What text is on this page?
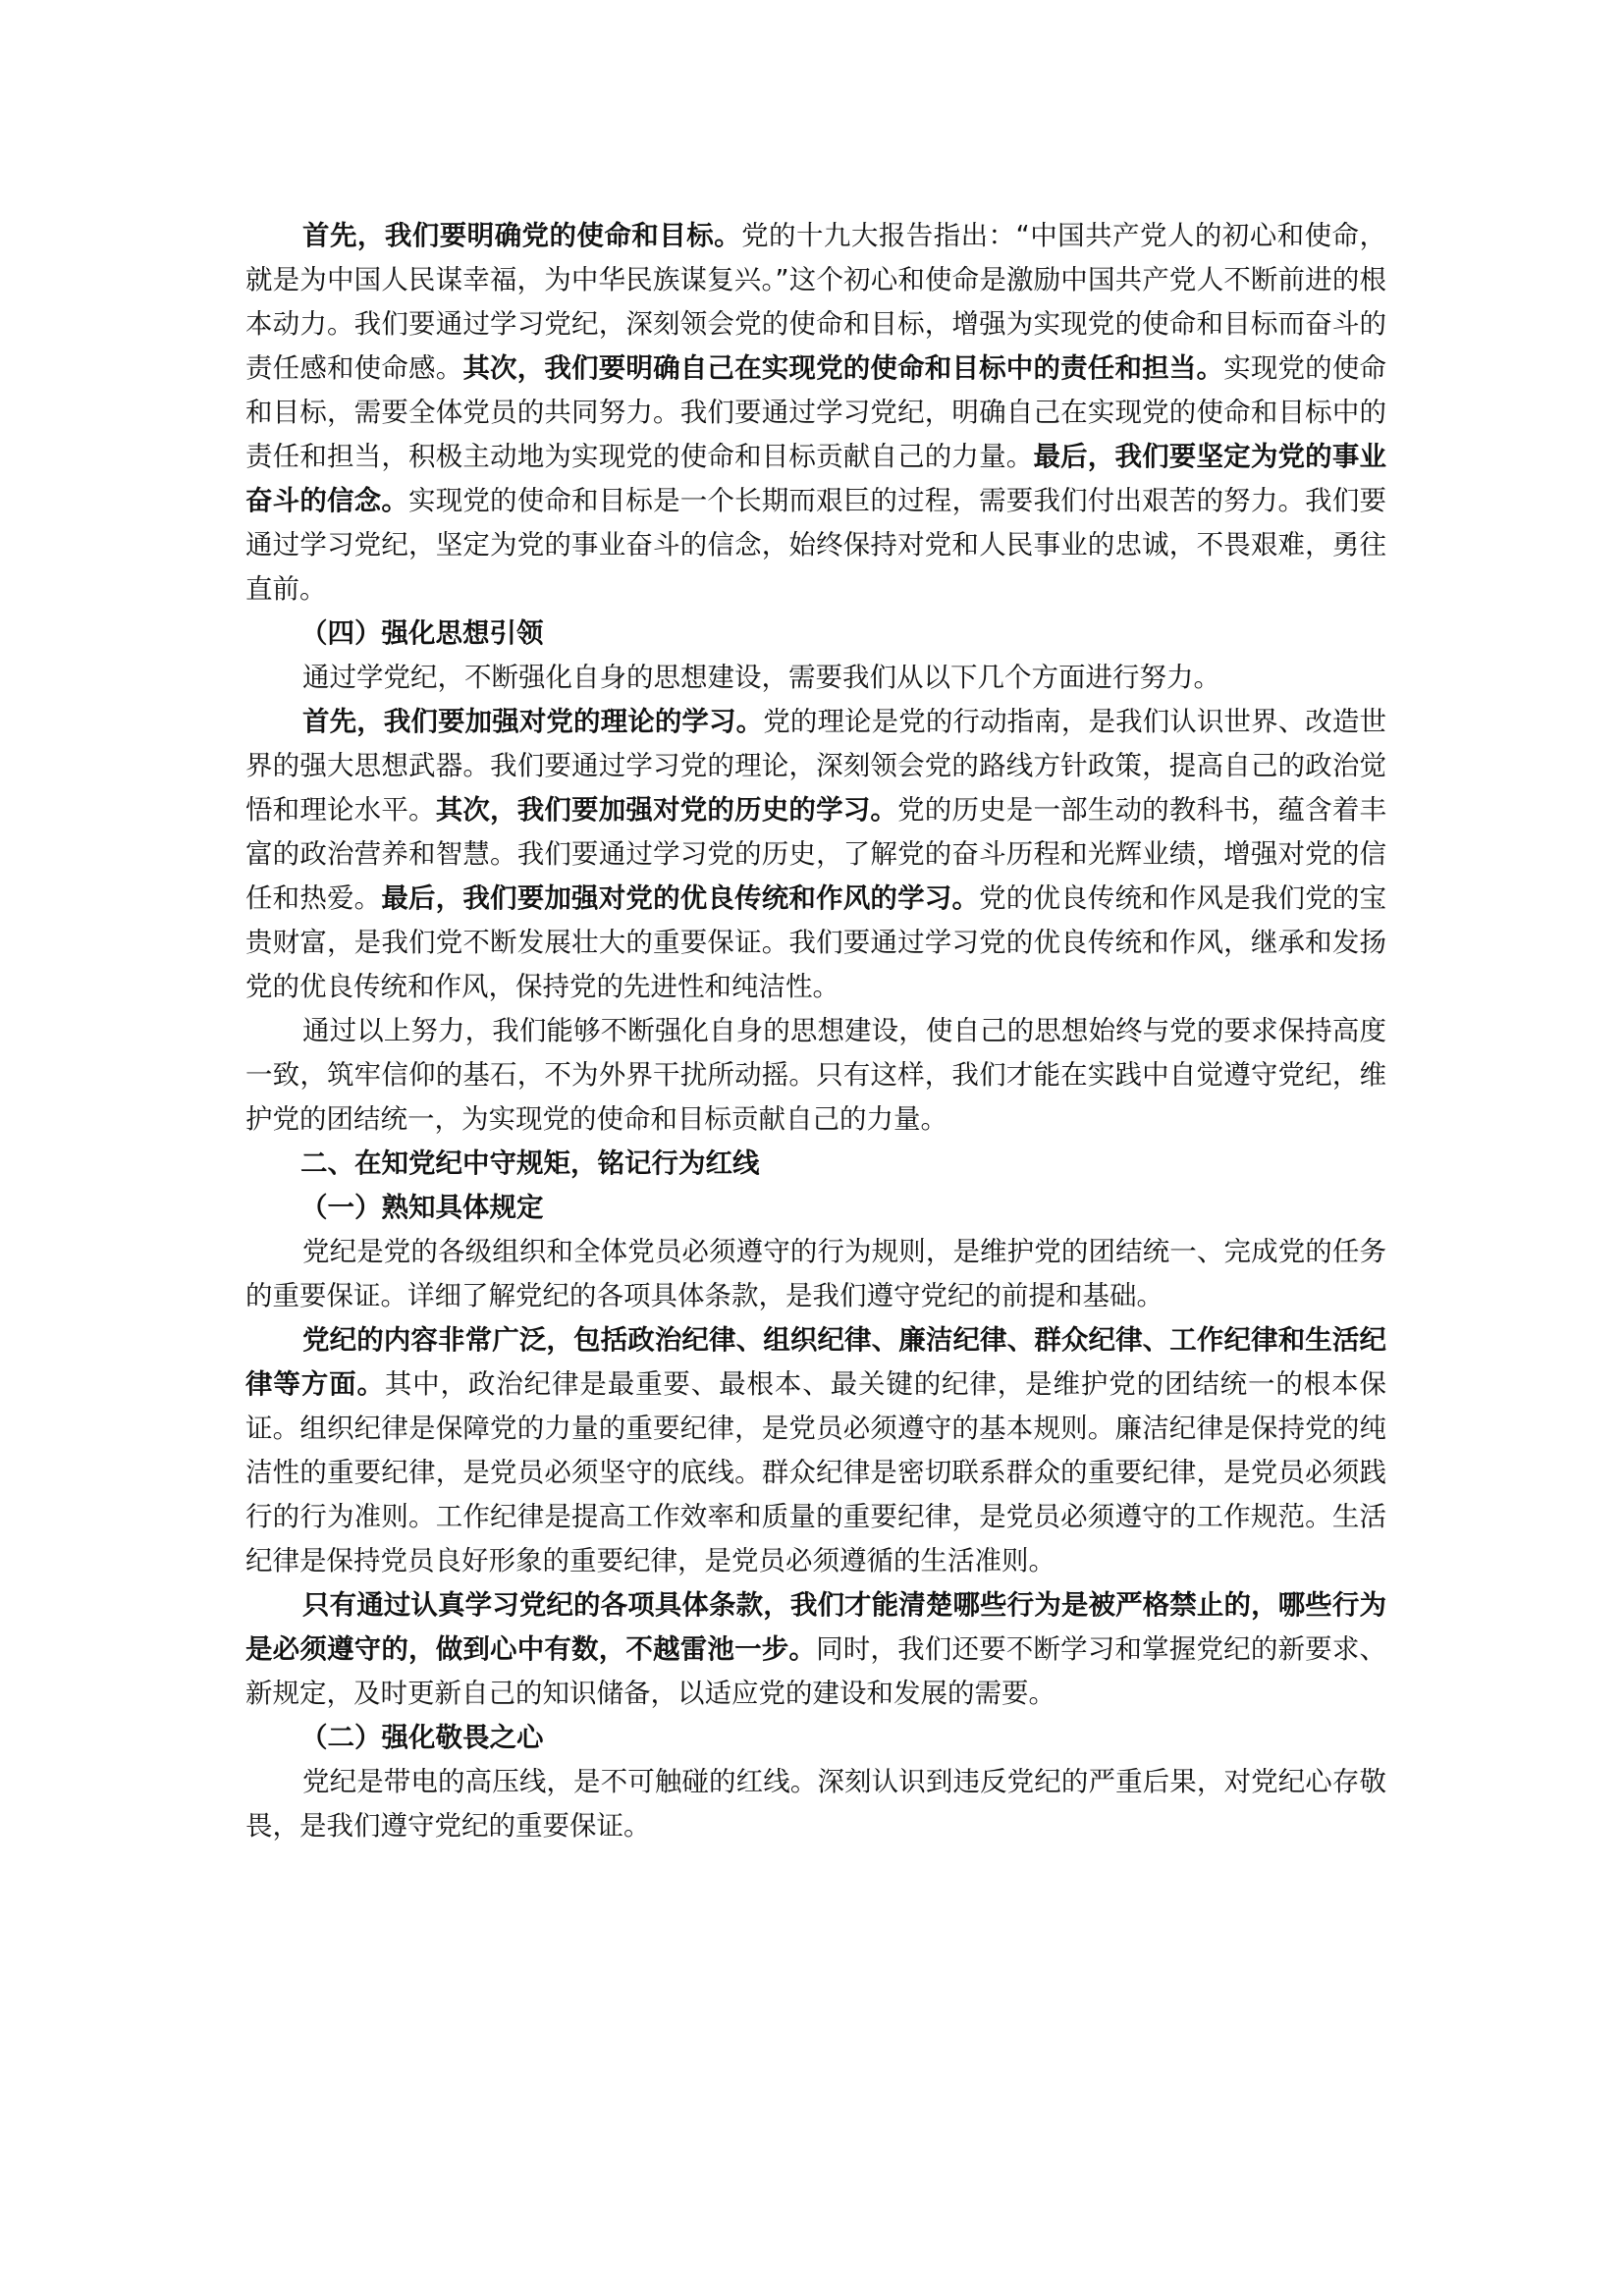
首先，我们要明确党的使命和目标。党的十九大报告指出：“中国共产党人的初心和使命，就是为中国人民谋幸福，为中华民族谋复兴。”这个初心和使命是激励中国共产党人不断前进的根本动力。我们要通过学习党纪，深刻领会党的使命和目标，增强为实现党的使命和目标而奋斗的责任感和使命感。其次，我们要明确自己在实现党的使命和目标中的责任和担当。实现党的使命和目标，需要全体党员的共同努力。我们要通过学习党纪，明确自己在实现党的使命和目标中的责任和担当，积极主动地为实现党的使命和目标贡献自己的力量。最后，我们要坚定为党的事业奋斗的信念。实现党的使命和目标是一个长期而艰巨的过程，需要我们付出艰苦的努力。我们要通过学习党纪，坚定为党的事业奋斗的信念，始终保持对党和人民事业的忠诚，不畏艰难，勇往直前。

（四）强化思想引领

通过学党纪，不断强化自身的思想建设，需要我们从以下几个方面进行努力。

首先，我们要加强对党的理论的学习。党的理论是党的行动指南，是我们认识世界、改造世界的强大思想武器。我们要通过学习党的理论，深刻领会党的路线方针政策，提高自己的政治觉悟和理论水平。其次，我们要加强对党的历史的学习。党的历史是一部生动的教科书，蕴含着丰富的政治营养和智慧。我们要通过学习党的历史，了解党的奋斗历程和光辉业绩，增强对党的信任和热爱。最后，我们要加强对党的优良传统和作风的学习。党的优良传统和作风是我们党的宝贵财富，是我们党不断发展壮大的重要保证。我们要通过学习党的优良传统和作风，继承和发扬党的优良传统和作风，保持党的先进性和纯洁性。

通过以上努力，我们能够不断强化自身的思想建设，使自己的思想始终与党的要求保持高度一致，筑牢信仰的基石，不为外界干扰所动摇。只有这样，我们才能在实践中自觉遵守党纪，维护党的团结统一，为实现党的使命和目标贡献自己的力量。

二、在知党纪中守规矩，铭记行为红线

（一）熟知具体规定

党纪是党的各级组织和全体党员必须遵守的行为规则，是维护党的团结统一、完成党的任务的重要保证。详细了解党纪的各项具体条款，是我们遵守党纪的前提和基础。

党纪的内容非常广泛，包括政治纪律、组织纪律、廉洁纪律、群众纪律、工作纪律和生活纪律等方面。其中，政治纪律是最重要、最根本、最关键的纪律，是维护党的团结统一的根本保证。组织纪律是保障党的力量的重要纪律，是党员必须遵守的基本规则。廉洁纪律是保持党的纯洁性的重要纪律，是党员必须坚守的底线。群众纪律是密切联系群众的重要纪律，是党员必须践行的行为准则。工作纪律是提高工作效率和质量的重要纪律，是党员必须遵守的工作规范。生活纪律是保持党员良好形象的重要纪律，是党员必须遵循的生活准则。

只有通过认真学习党纪的各项具体条款，我们才能清楚哪些行为是被严格禁止的，哪些行为是必须遵守的，做到心中有数，不越雷池一步。同时，我们还要不断学习和掌握党纪的新要求、新规定，及时更新自己的知识储备，以适应党的建设和发展的需要。

（二）强化敬畏之心

党纪是带电的高压线，是不可触碰的红线。深刻认识到违反党纪的严重后果，对党纪心存敬畏，是我们遵守党纪的重要保证。
